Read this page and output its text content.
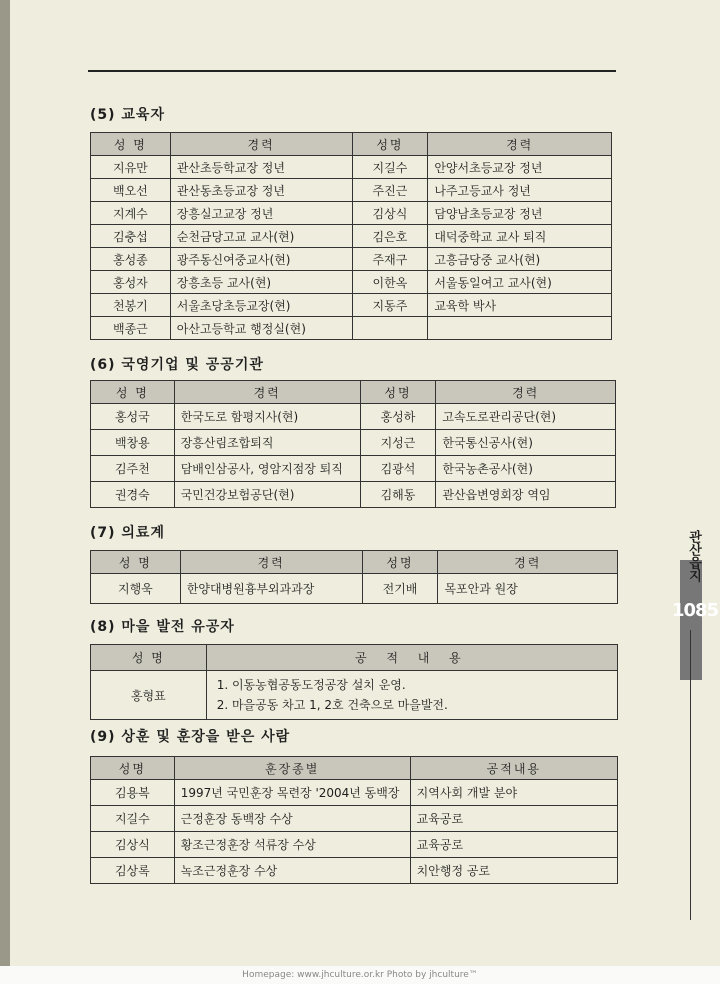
(5) 교육자
성 명	경력	성명	경력
지유만	관산초등학교장 정년	지길수	안양서초등교장 정년
백오선	관산동초등교장 정년	주진근	나주고등교사 정년
지계수	장흥실고교장 정년	김상식	담양남초등교장 정년
김충섭	순천금당고교 교사(현)	김은호	대덕중학교 교사 퇴직
홍성종	광주동신여중교사(현)	주재구	고흥금당중 교사(현)
홍성자	장흥초등 교사(현)	이한옥	서울동일여고 교사(현)
천봉기	서울초당초등교장(현)	지동주	교육학 박사
백종근	아산고등학교 행정실(현)		
(6) 국영기업 및 공공기관
성 명	경력	성명	경력
홍성국	한국도로 함평지사(현)	홍성하	고속도로관리공단(현)
백창용	장흥산림조합퇴직	지성근	한국통신공사(현)
김주천	담배인삼공사, 영암지점장 퇴직	김광석	한국농촌공사(현)
권경숙	국민건강보험공단(현)	김해동	관산읍변영회장 역임
(7) 의료계
성 명	경력	성명	경력
지행욱	한양대병원흉부외과과장	전기배	목포안과 원장
(8) 마을 발전 유공자
성 명	공 적 내 용
홍형표	1. 이동농협공동도정공장 설치 운영.
2. 마을공동 차고 1, 2호 건축으로 마을발전.
(9) 상훈 및 훈장을 받은 사람
성명	훈장종별	공적내용
김용복	1997년 국민훈장 목련장 '2004년 동백장	지역사회 개발 분야
지길수	근정훈장 동백장 수상	교육공로
김상식	황조근정훈장 석류장 수상	교육공로
김상록	녹조근정훈장 수상	치안행정 공로
관산읍지
1085
Homepage: www.jhculture.or.kr Photo by jhculture™
